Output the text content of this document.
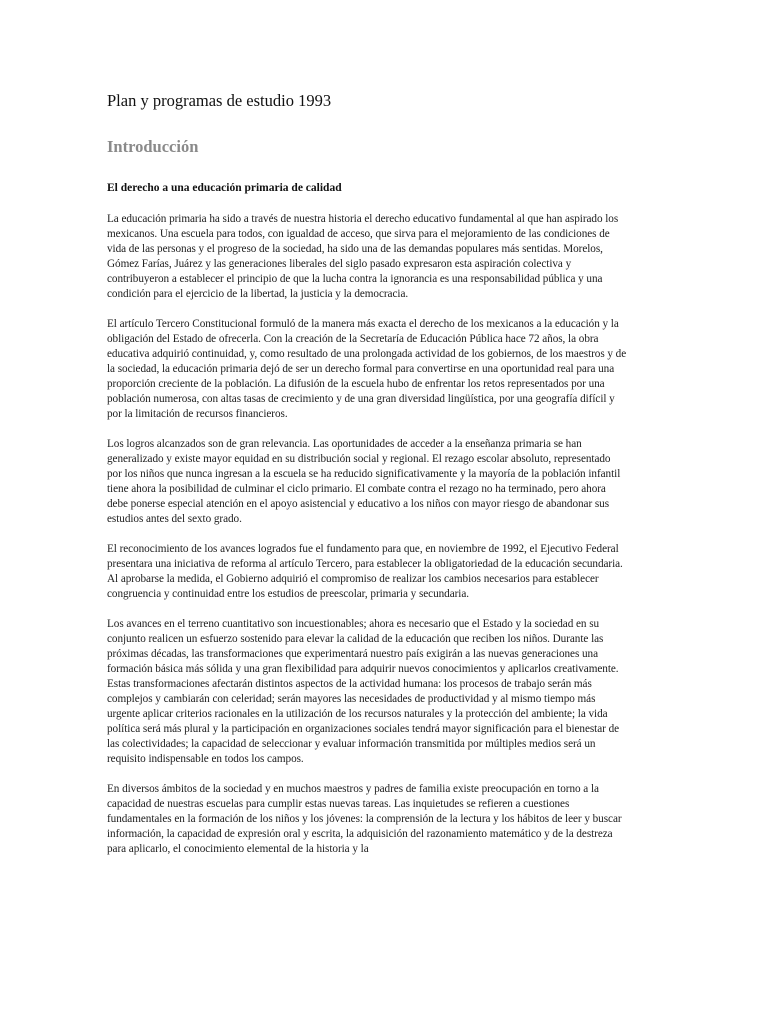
Plan y programas de estudio 1993
Introducción
El derecho a una educación primaria de calidad

La educación primaria ha sido a través de nuestra historia el derecho educativo fundamental al que han aspirado los mexicanos. Una escuela para todos, con igualdad de acceso, que sirva para el mejoramiento de las condiciones de vida de las personas y el progreso de la sociedad, ha sido una de las demandas populares más sentidas. Morelos, Gómez Farías, Juárez y las generaciones liberales del siglo pasado expresaron esta aspiración colectiva y contribuyeron a establecer el principio de que la lucha contra la ignorancia es una responsabilidad pública y una condición para el ejercicio de la libertad, la justicia y la democracia.

El artículo Tercero Constitucional formuló de la manera más exacta el derecho de los mexicanos a la educación y la obligación del Estado de ofrecerla. Con la creación de la Secretaría de Educación Pública hace 72 años, la obra educativa adquirió continuidad, y, como resultado de una prolongada actividad de los gobiernos, de los maestros y de la sociedad, la educación primaria dejó de ser un derecho formal para convertirse en una oportunidad real para una proporción creciente de la población. La difusión de la escuela hubo de enfrentar los retos representados por una población numerosa, con altas tasas de crecimiento y de una gran diversidad lingüística, por una geografía difícil y por la limitación de recursos financieros.

Los logros alcanzados son de gran relevancia. Las oportunidades de acceder a la enseñanza primaria se han generalizado y existe mayor equidad en su distribución social y regional. El rezago escolar absoluto, representado por los niños que nunca ingresan a la escuela se ha reducido significativamente y la mayoría de la población infantil tiene ahora la posibilidad de culminar el ciclo primario. El combate contra el rezago no ha terminado, pero ahora debe ponerse especial atención en el apoyo asistencial y educativo a los niños con mayor riesgo de abandonar sus estudios antes del sexto grado.

El reconocimiento de los avances logrados fue el fundamento para que, en noviembre de 1992, el Ejecutivo Federal presentara una iniciativa de reforma al artículo Tercero, para establecer la obligatoriedad de la educación secundaria. Al aprobarse la medida, el Gobierno adquirió el compromiso de realizar los cambios necesarios para establecer congruencia y continuidad entre los estudios de preescolar, primaria y secundaria.

Los avances en el terreno cuantitativo son incuestionables; ahora es necesario que el Estado y la sociedad en su conjunto realicen un esfuerzo sostenido para elevar la calidad de la educación que reciben los niños. Durante las próximas décadas, las transformaciones que experimentará nuestro país exigirán a las nuevas generaciones una formación básica más sólida y una gran flexibilidad para adquirir nuevos conocimientos y aplicarlos creativamente. Estas transformaciones afectarán distintos aspectos de la actividad humana: los procesos de trabajo serán más complejos y cambiarán con celeridad; serán mayores las necesidades de productividad y al mismo tiempo más urgente aplicar criterios racionales en la utilización de los recursos naturales y la protección del ambiente; la vida política será más plural y la participación en organizaciones sociales tendrá mayor significación para el bienestar de las colectividades; la capacidad de seleccionar y evaluar información transmitida por múltiples medios será un requisito indispensable en todos los campos.

En diversos ámbitos de la sociedad y en muchos maestros y padres de familia existe preocupación en torno a la capacidad de nuestras escuelas para cumplir estas nuevas tareas. Las inquietudes se refieren a cuestiones fundamentales en la formación de los niños y los jóvenes: la comprensión de la lectura y los hábitos de leer y buscar información, la capacidad de expresión oral y escrita, la adquisición del razonamiento matemático y de la destreza para aplicarlo, el conocimiento elemental de la historia y la
